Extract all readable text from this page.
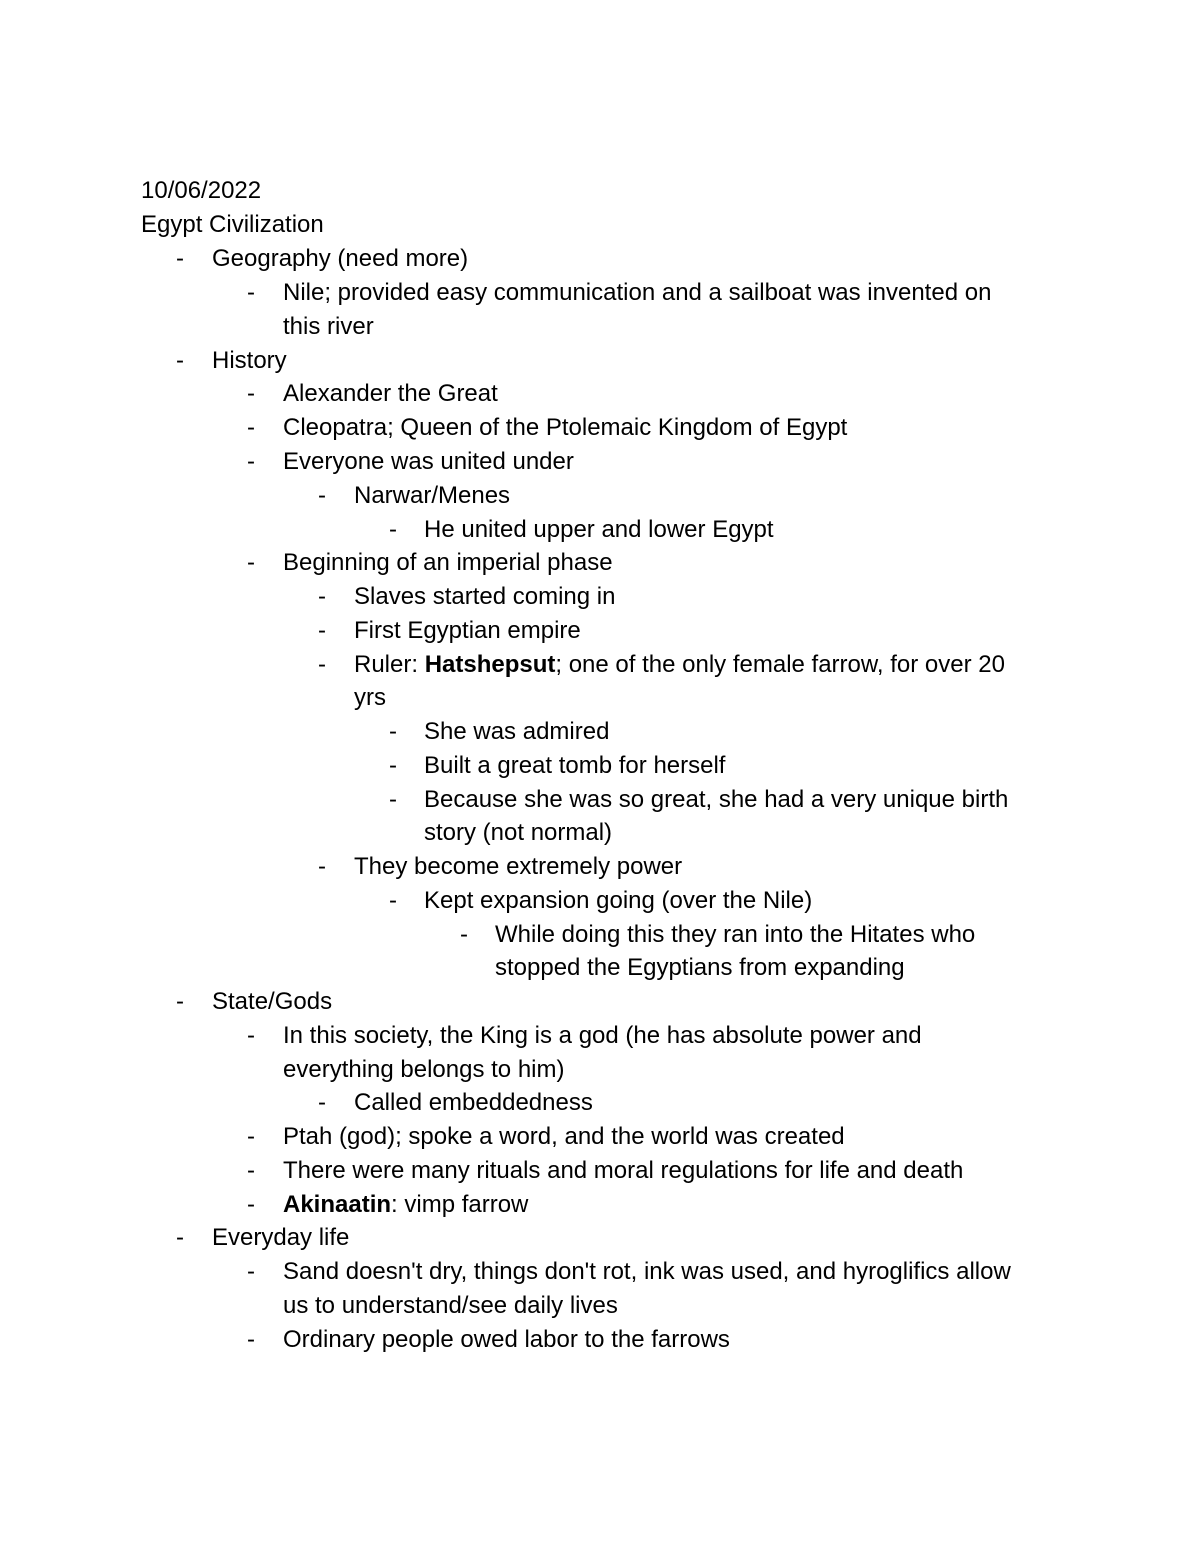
10/06/2022
Egypt Civilization
- Geography (need more)
- Nile; provided easy communication and a sailboat was invented on
this river
- History
- Alexander the Great
- Cleopatra; Queen of the Ptolemaic Kingdom of Egypt
- Everyone was united under
- Narwar/Menes
- He united upper and lower Egypt
- Beginning of an imperial phase
- Slaves started coming in
- First Egyptian empire
- Ruler: Hatshepsut; one of the only female farrow, for over 20
yrs
- She was admired
- Built a great tomb for herself
- Because she was so great, she had a very unique birth
story (not normal)
- They become extremely power
- Kept expansion going (over the Nile)
- While doing this they ran into the Hitates who
stopped the Egyptians from expanding
- State/Gods
- In this society, the King is a god (he has absolute power and
everything belongs to him)
- Called embeddedness
- Ptah (god); spoke a word, and the world was created
- There were many rituals and moral regulations for life and death
- Akinaatin: vimp farrow
- Everyday life
- Sand doesn't dry, things don't rot, ink was used, and hyroglifics allow
us to understand/see daily lives
- Ordinary people owed labor to the farrows
